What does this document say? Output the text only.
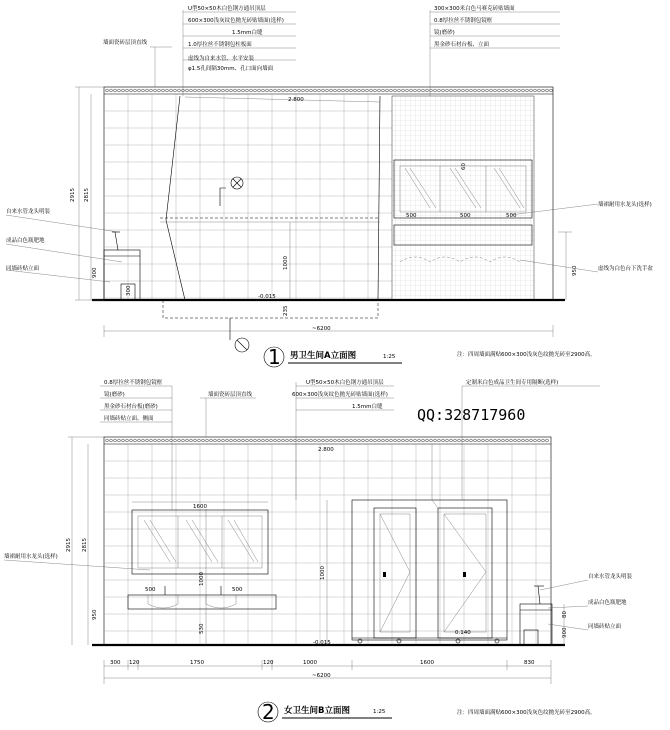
2.800
2915 2815
900
300
1000
235
-0.015
60
500	500	500
950
~6200
墙面瓷砖层顶直线
U型50×50木白色钢方通吊顶层
600×300浅灰纹色抛光砖贴墙面(选样)
1.5mm白缝
1.0厚拉丝不锈钢包柱板面
虚线为自来水管、水平安装
φ1.5孔间隔30mm、孔口面向墙面
300×300米白色马赛克砖贴墙面
0.8厚拉丝不锈钢包镜框
镜(磨砂)
黑金砂石材台板、立面
自来水管龙头明装
成品白色瓶肥地
同墙砖贴立面
墙裙耐用水龙头(选样)
虚线为白色台下洗手盆
1 男卫生间A立面图	1:25	注：四周墙面满贴600×300浅灰色纹抛光砖至2900高。
2.800
2915 2815
950
1000
530
1600
500	500
1000
-0.015
0.140	900
80
300 120	1750	120	1000	1600	830
~6200
0.8厚拉丝不锈钢包镜框
镜(磨砂)
黑金砂石材台板(磨砂)
同墙砖贴立面、侧面
墙面瓷砖层顶直线
U型50×50木白色钢方通吊顶层
600×300浅灰纹色抛光砖贴墙面(选样)
1.5mm白缝
定制米白色成品卫生间专用隔断(选样)
墙裙耐用水龙头(选样)
自来水管龙头明装
成品白色瓶肥地
同墙砖贴立面
2 女卫生间B立面图	1:25	注：四周墙面满贴600×300浅灰色纹抛光砖至2900高。
QQ:328717960
